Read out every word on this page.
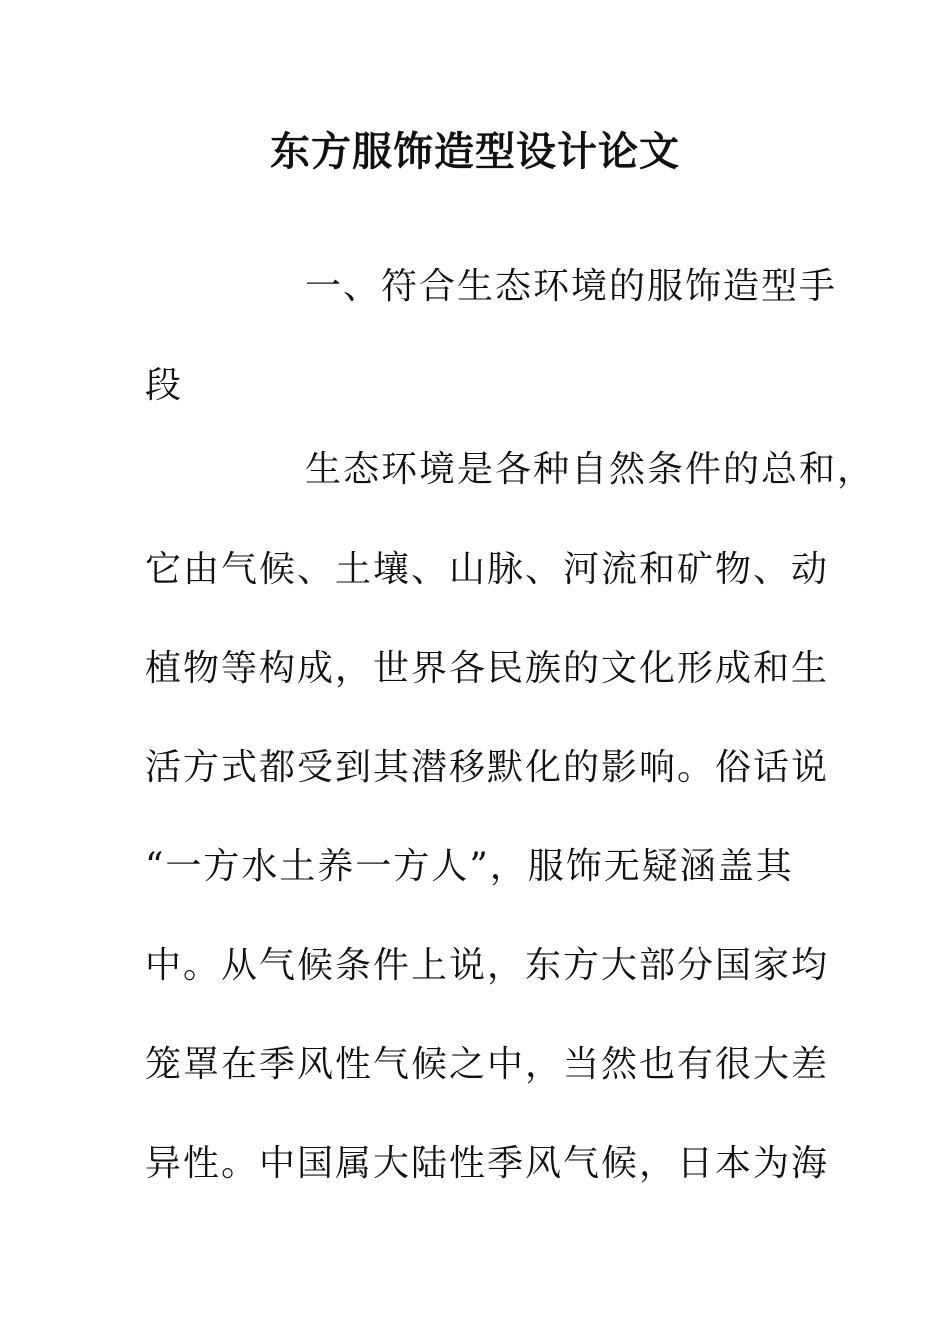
东方服饰造型设计论文
一、符合生态环境的服饰造型手
段
生态环境是各种自然条件的总和，
它由气候、土壤、山脉、河流和矿物、动
植物等构成，世界各民族的文化形成和生
活方式都受到其潜移默化的影响。俗话说
“一方水土养一方人”，服饰无疑涵盖其
中。从气候条件上说，东方大部分国家均
笼罩在季风性气候之中，当然也有很大差
异性。中国属大陆性季风气候，日本为海
